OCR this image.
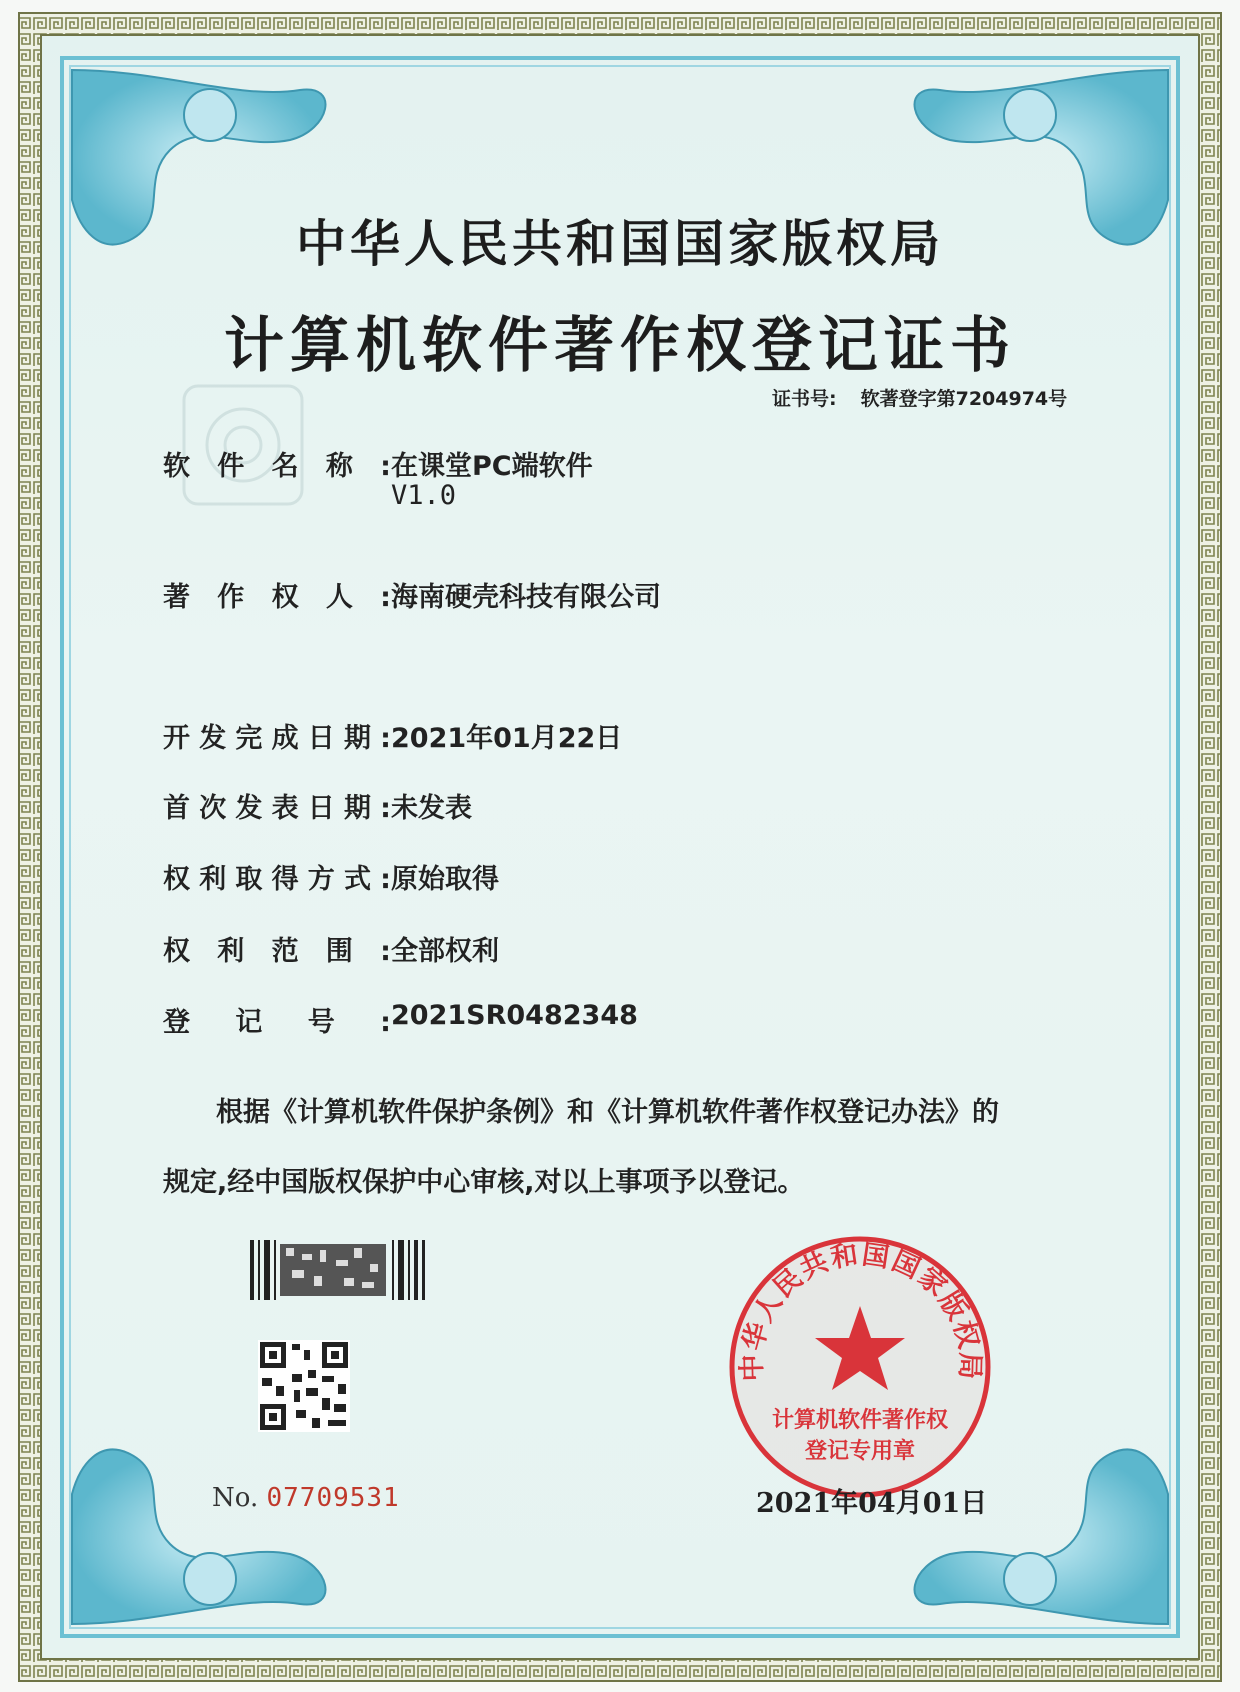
中华人民共和国国家版权局
计算机软件著作权登记证书
证书号: 软著登字第7204974号
软件名称: 在课堂PC端软件
V1.0
著作权人: 海南硬壳科技有限公司
开发完成日期: 2021年01月22日
首次发表日期: 未发表
权利取得方式: 原始取得
权利范围: 全部权利
登记号: 2021SR0482348
根据《计算机软件保护条例》和《计算机软件著作权登记办法》的
规定,经中国版权保护中心审核,对以上事项予以登记。
No. 07709531
中华人民共和国国家版权局
计算机软件著作权
登记专用章
2021年04月01日
